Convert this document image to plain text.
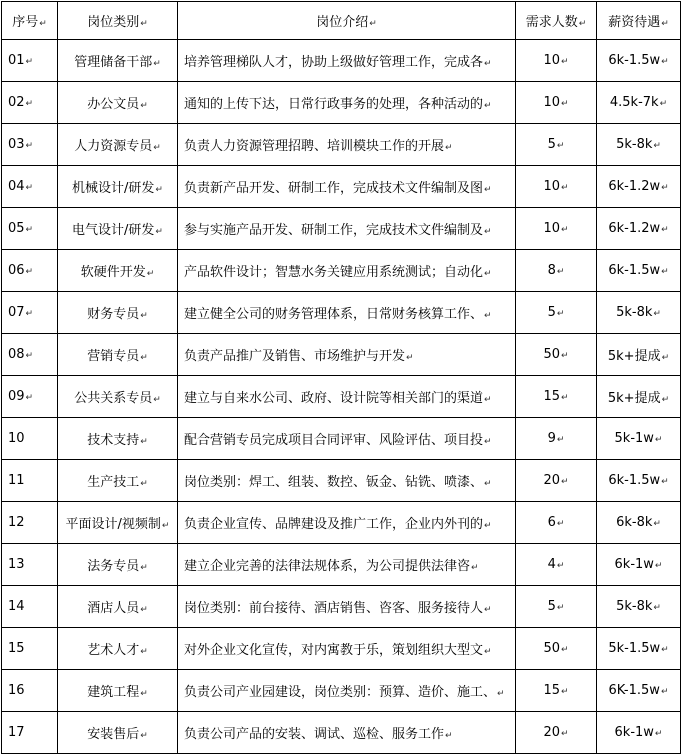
序号↵	岗位类别↵	岗位介绍↵	需求人数↵	薪资待遇↵
01↵	管理储备干部↵	培养管理梯队人才，协助上级做好管理工作，完成各↵	10↵	6k-1.5w↵
02↵	办公文员↵	通知的上传下达，日常行政事务的处理，各种活动的↵	10↵	4.5k-7k↵
03↵	人力资源专员↵	负责人力资源管理招聘、培训模块工作的开展↵	5↵	5k-8k↵
04↵	机械设计/研发↵	负责新产品开发、研制工作，完成技术文件编制及图↵	10↵	6k-1.2w↵
05↵	电气设计/研发↵	参与实施产品开发、研制工作，完成技术文件编制及↵	10↵	6k-1.2w↵
06↵	软硬件开发↵	产品软件设计；智慧水务关键应用系统测试；自动化↵	8↵	6k-1.5w↵
07↵	财务专员↵	建立健全公司的财务管理体系，日常财务核算工作、↵	5↵	5k-8k↵
08↵	营销专员↵	负责产品推广及销售、市场维护与开发↵	50↵	5k+提成↵
09↵	公共关系专员↵	建立与自来水公司、政府、设计院等相关部门的渠道↵	15↵	5k+提成↵
10	技术支持↵	配合营销专员完成项目合同评审、风险评估、项目投↵	9↵	5k-1w↵
11	生产技工↵	岗位类别：焊工、组装、数控、钣金、钻铣、喷漆、↵	20↵	6k-1.5w↵
12	平面设计/视频制↵	负责企业宣传、品牌建设及推广工作，企业内外刊的↵	6↵	6k-8k↵
13	法务专员↵	建立企业完善的法律法规体系，为公司提供法律咨↵	4↵	6k-1w↵
14	酒店人员↵	岗位类别：前台接待、酒店销售、咨客、服务接待人↵	5↵	5k-8k↵
15	艺术人才↵	对外企业文化宣传，对内寓教于乐，策划组织大型文↵	50↵	5k-1.5w↵
16	建筑工程↵	负责公司产业园建设，岗位类别：预算、造价、施工、↵	15↵	6K-1.5w↵
17	安装售后↵	负责公司产品的安装、调试、巡检、服务工作↵	20↵	6k-1w↵
